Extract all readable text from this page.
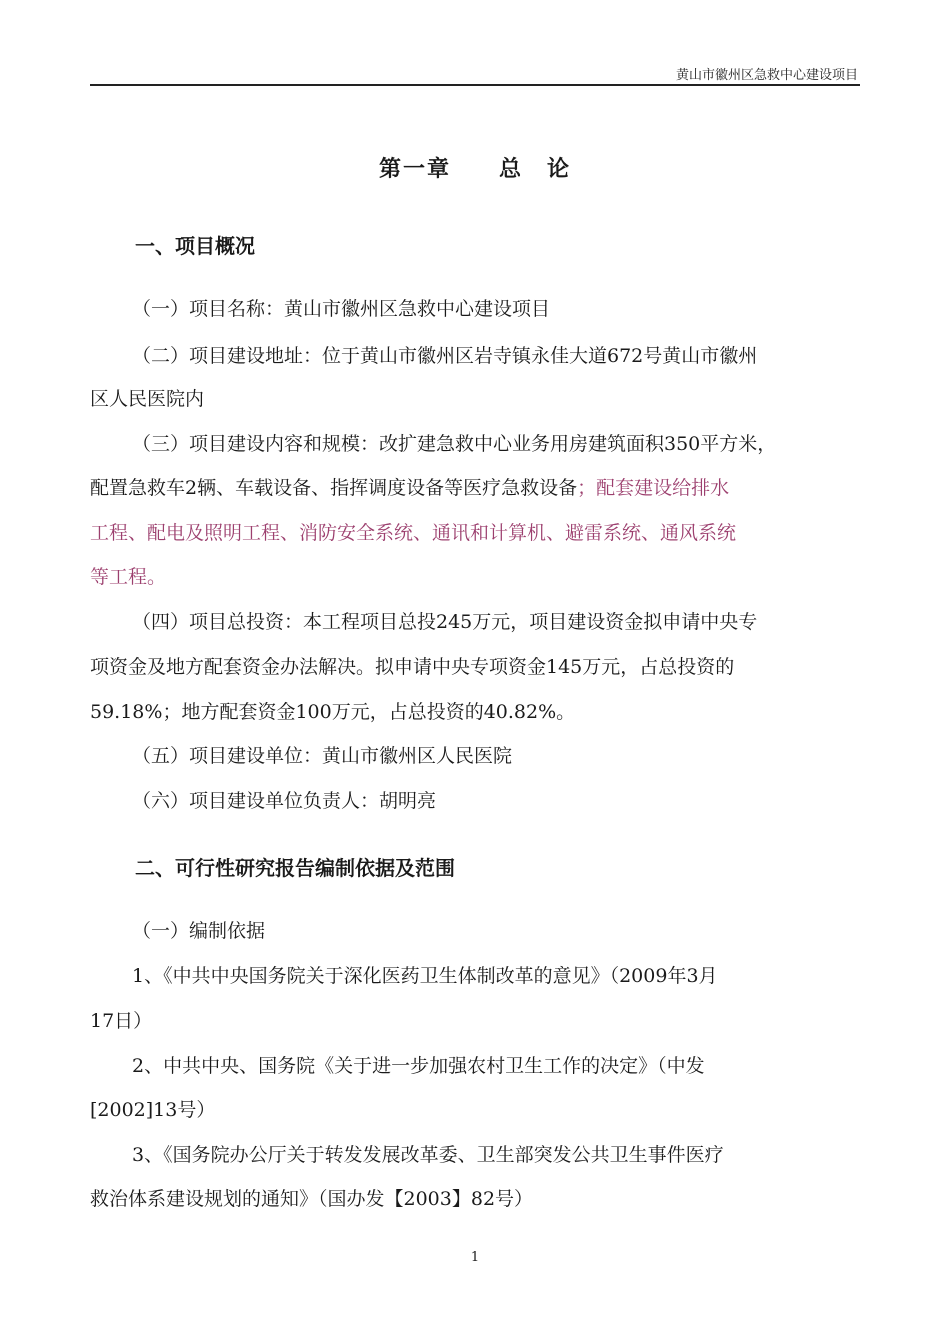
黄山市徽州区急救中心建设项目
第一章　　总　论
一、项目概况
（一）项目名称：黄山市徽州区急救中心建设项目
（二）项目建设地址：位于黄山市徽州区岩寺镇永佳大道672号黄山市徽州
区人民医院内
（三）项目建设内容和规模：改扩建急救中心业务用房建筑面积350平方米，
配置急救车2辆、车载设备、指挥调度设备等医疗急救设备；配套建设给排水
工程、配电及照明工程、消防安全系统、通讯和计算机、避雷系统、通风系统
等工程。
（四）项目总投资：本工程项目总投245万元，项目建设资金拟申请中央专
项资金及地方配套资金办法解决。拟申请中央专项资金145万元，占总投资的
59.18%；地方配套资金100万元，占总投资的40.82%。
（五）项目建设单位：黄山市徽州区人民医院
（六）项目建设单位负责人：胡明亮
二、可行性研究报告编制依据及范围
（一）编制依据
1、《中共中央国务院关于深化医药卫生体制改革的意见》（2009年3月
17日）
2、中共中央、国务院《关于进一步加强农村卫生工作的决定》（中发
[2002]13号）
3、《国务院办公厅关于转发发展改革委、卫生部突发公共卫生事件医疗
救治体系建设规划的通知》（国办发【2003】82号）
1
